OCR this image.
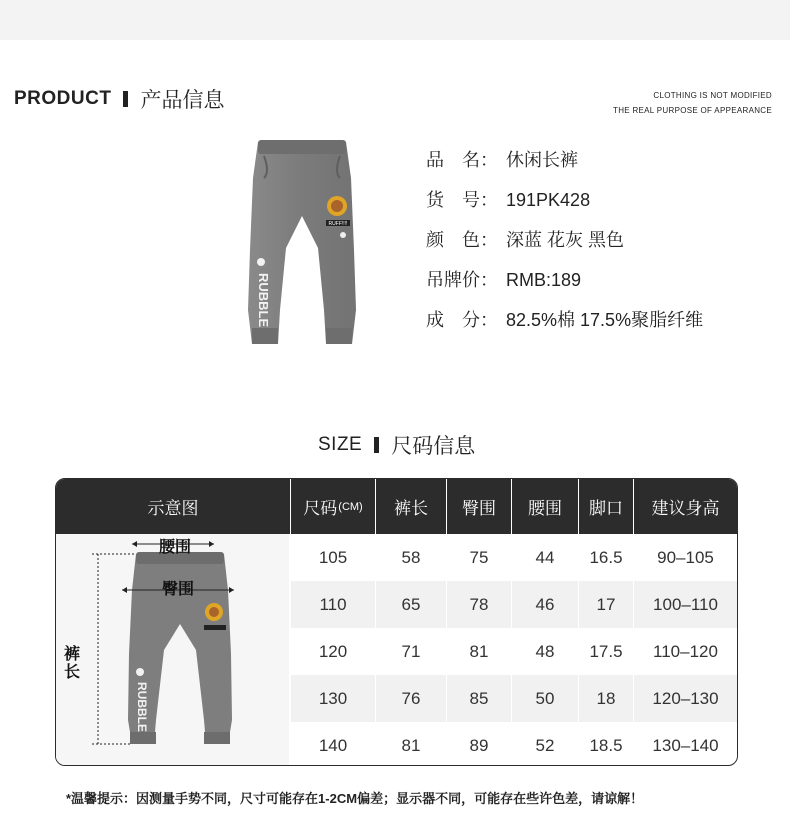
PRODUCT 产品信息	CLOTHING IS NOT MODIFIED
THE REAL PURPOSE OF APPEARANCE
RUFF!!!!
RUBBLE
品　名： 休闲长裤
货　号： 191PK428
颜　色： 深蓝 花灰 黑色
吊牌价： RMB:189
成　分： 82.5%棉 17.5%聚脂纤维
SIZE 尺码信息
示意图	尺码 (CM)	裤长	臀围	腰围	脚口	建议身高
RUBBLE
腰围
臀围
裤长
105	58	75	44	16.5	90–105
110	65	78	46	17	100–110
120	71	81	48	17.5	110–120
130	76	85	50	18	120–130
140	81	89	52	18.5	130–140
*温馨提示：因测量手势不同，尺寸可能存在1-2CM偏差；显示器不同，可能存在些许色差，请谅解！
